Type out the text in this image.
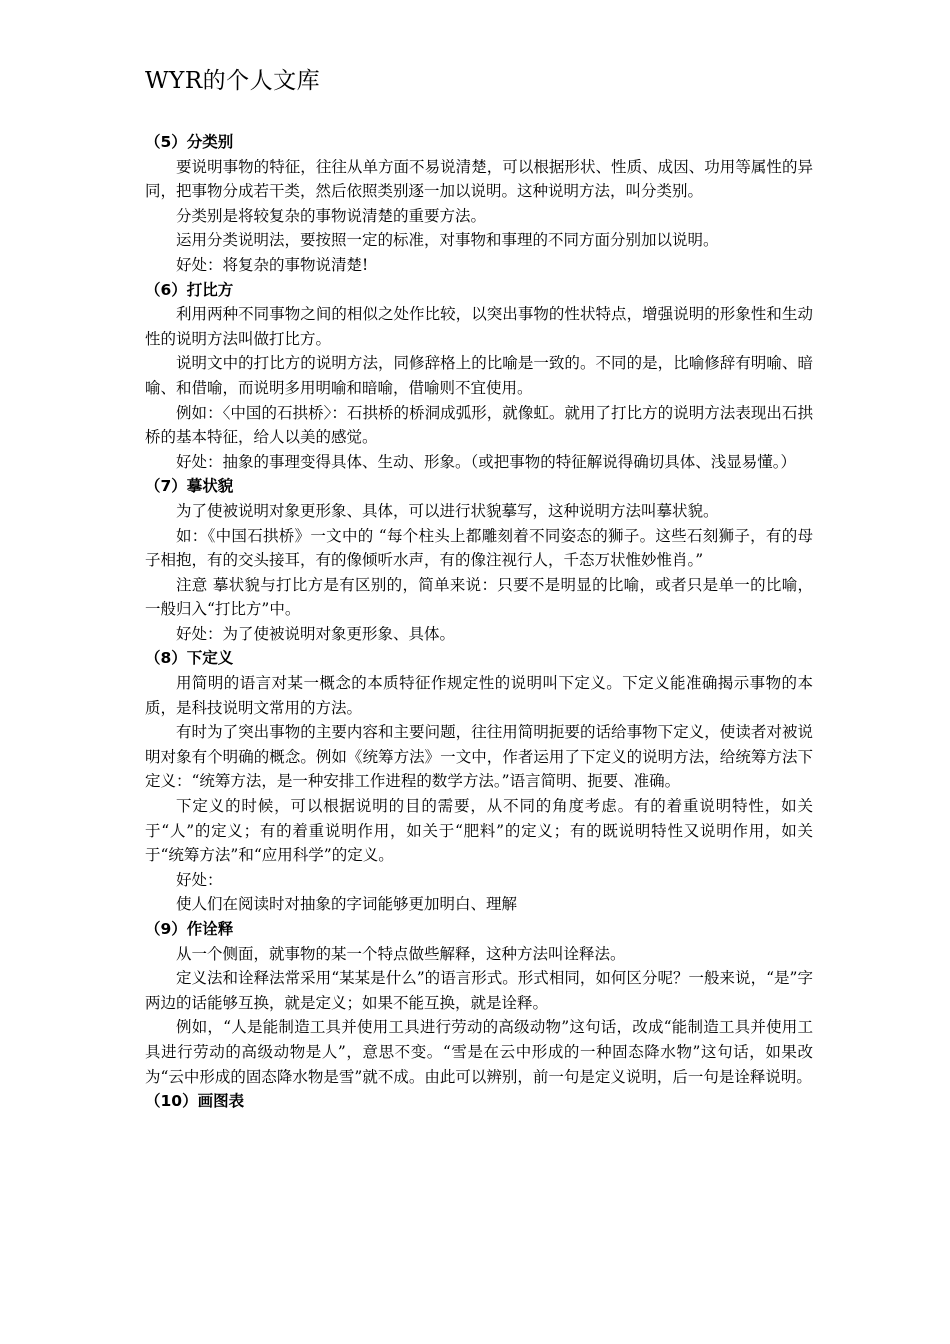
WYR的个人文库

（5）分类别

要说明事物的特征，往往从单方面不易说清楚，可以根据形状、性质、成因、功用等属性的异同，把事物分成若干类，然后依照类别逐一加以说明。这种说明方法，叫分类别。

分类别是将较复杂的事物说清楚的重要方法。

运用分类说明法，要按照一定的标准，对事物和事理的不同方面分别加以说明。

好处：将复杂的事物说清楚!

（6）打比方

利用两种不同事物之间的相似之处作比较，以突出事物的性状特点，增强说明的形象性和生动性的说明方法叫做打比方。

说明文中的打比方的说明方法，同修辞格上的比喻是一致的。不同的是，比喻修辞有明喻、暗喻、和借喻，而说明多用明喻和暗喻，借喻则不宜使用。

例如：〈中国的石拱桥〉：石拱桥的桥洞成弧形，就像虹。就用了打比方的说明方法表现出石拱桥的基本特征，给人以美的感觉。

好处：抽象的事理变得具体、生动、形象。（或把事物的特征解说得确切具体、浅显易懂。）

（7）摹状貌

为了使被说明对象更形象、具体，可以进行状貌摹写，这种说明方法叫摹状貌。

如：《中国石拱桥》一文中的 “每个柱头上都雕刻着不同姿态的狮子。这些石刻狮子，有的母子相抱，有的交头接耳，有的像倾听水声，有的像注视行人，千态万状惟妙惟肖。”

注意 摹状貌与打比方是有区别的，简单来说：只要不是明显的比喻，或者只是单一的比喻，一般归入“打比方”中。

好处：为了使被说明对象更形象、具体。

（8）下定义

用简明的语言对某一概念的本质特征作规定性的说明叫下定义。下定义能准确揭示事物的本质，是科技说明文常用的方法。

有时为了突出事物的主要内容和主要问题，往往用简明扼要的话给事物下定义，使读者对被说明对象有个明确的概念。例如《统筹方法》一文中，作者运用了下定义的说明方法，给统筹方法下定义：“统筹方法，是一种安排工作进程的数学方法。”语言简明、扼要、准确。

下定义的时候，可以根据说明的目的需要，从不同的角度考虑。有的着重说明特性，如关于“人”的定义；有的着重说明作用，如关于“肥料”的定义；有的既说明特性又说明作用，如关于“统筹方法”和“应用科学”的定义。

好处：

使人们在阅读时对抽象的字词能够更加明白、理解

（9）作诠释

从一个侧面，就事物的某一个特点做些解释，这种方法叫诠释法。

定义法和诠释法常采用“某某是什么”的语言形式。形式相同，如何区分呢？一般来说，“是”字两边的话能够互换，就是定义；如果不能互换，就是诠释。

例如，“人是能制造工具并使用工具进行劳动的高级动物”这句话，改成“能制造工具并使用工具进行劳动的高级动物是人”，意思不变。“雪是在云中形成的一种固态降水物”这句话，如果改为“云中形成的固态降水物是雪”就不成。由此可以辨别，前一句是定义说明，后一句是诠释说明。

（10）画图表
